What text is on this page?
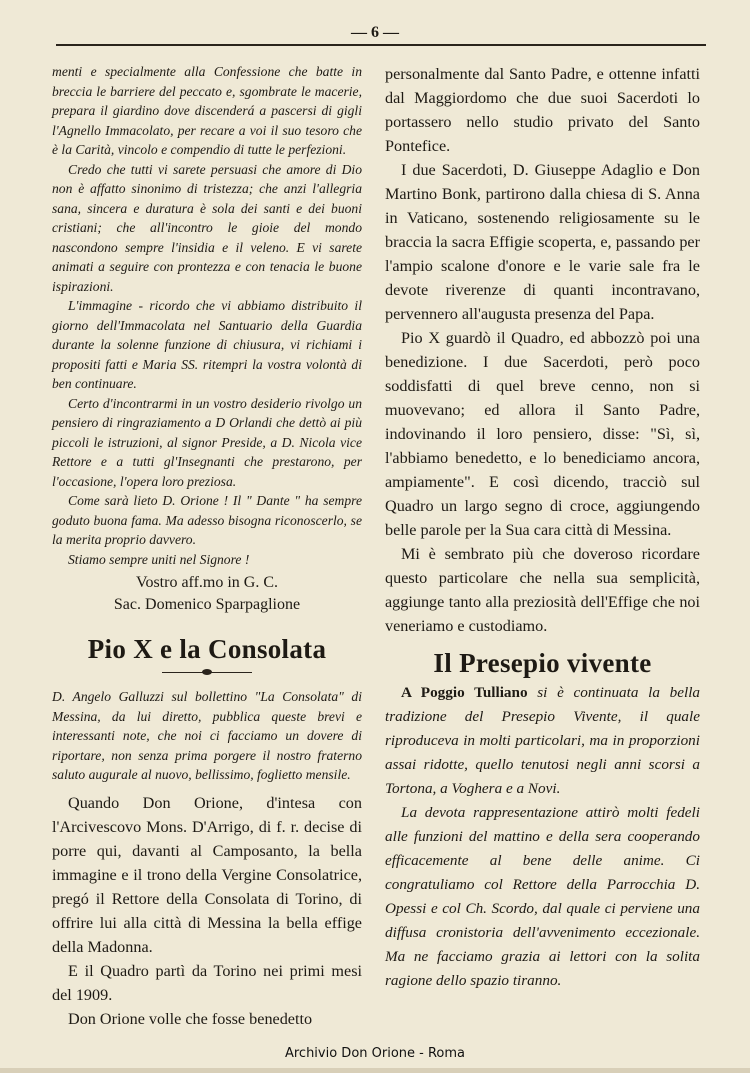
— 6 —

menti e specialmente alla Confessione che batte in breccia le barriere del peccato e, sgombrate le macerie, prepara il giardino dove discenderá a pascersi di gigli l'Agnello Immacolato, per recare a voi il suo tesoro che è la Carità, vincolo e compendio di tutte le perfezioni.

Credo che tutti vi sarete persuasi che amore di Dio non è affatto sinonimo di tristezza; che anzi l'allegria sana, sincera e duratura è sola dei santi e dei buoni cristiani; che all'incontro le gioie del mondo nascondono sempre l'insidia e il veleno. E vi sarete animati a seguire con prontezza e con tenacia le buone ispirazioni.

L'immagine - ricordo che vi abbiamo distribuito il giorno dell'Immacolata nel Santuario della Guardia durante la solenne funzione di chiusura, vi richiami i propositi fatti e Maria SS. ritempri la vostra volontà di ben continuare.

Certo d'incontrarmi in un vostro desiderio rivolgo un pensiero di ringraziamento a D Orlandi che dettò ai più piccoli le istruzioni, al signor Preside, a D. Nicola vice Rettore e a tutti gl'Insegnanti che prestarono, per l'occasione, l'opera loro preziosa.

Come sarà lieto D. Orione ! Il " Dante " ha sempre goduto buona fama. Ma adesso bisogna riconoscerlo, se la merita proprio davvero.

Stiamo sempre uniti nel Signore !

Vostro aff.mo in G. C.

Sac. Domenico Sparpaglione

Pio X e la Consolata

D. Angelo Galluzzi sul bollettino "La Consolata" di Messina, da lui diretto, pubblica queste brevi e interessanti note, che noi ci facciamo un dovere di riportare, non senza prima porgere il nostro fraterno saluto augurale al nuovo, bellissimo, foglietto mensile.

Quando Don Orione, d'intesa con l'Arcivescovo Mons. D'Arrigo, di f. r. decise di porre qui, davanti al Camposanto, la bella immagine e il trono della Vergine Consolatrice, pregó il Rettore della Consolata di Torino, di offrire lui alla città di Messina la bella effige della Madonna.

E il Quadro partì da Torino nei primi mesi del 1909.

Don Orione volle che fosse benedetto

personalmente dal Santo Padre, e ottenne infatti dal Maggiordomo che due suoi Sacerdoti lo portassero nello studio privato del Santo Pontefice.

I due Sacerdoti, D. Giuseppe Adaglio e Don Martino Bonk, partirono dalla chiesa di S. Anna in Vaticano, sostenendo religiosamente su le braccia la sacra Effigie scoperta, e, passando per l'ampio scalone d'onore e le varie sale fra le devote riverenze di quanti incontravano, pervennero all'augusta presenza del Papa.

Pio X guardò il Quadro, ed abbozzò poi una benedizione. I due Sacerdoti, però poco soddisfatti di quel breve cenno, non si muovevano; ed allora il Santo Padre, indovinando il loro pensiero, disse: "Sì, sì, l'abbiamo benedetto, e lo benediciamo ancora, ampiamente". E così dicendo, tracciò sul Quadro un largo segno di croce, aggiungendo belle parole per la Sua cara città di Messina.

Mi è sembrato più che doveroso ricordare questo particolare che nella sua semplicità, aggiunge tanto alla preziosità dell'Effige che noi veneriamo e custodiamo.

Il Presepio vivente

A Poggio Tulliano si è continuata la bella tradizione del Presepio Vivente, il quale riproduceva in molti particolari, ma in proporzioni assai ridotte, quello tenutosi negli anni scorsi a Tortona, a Voghera e a Novi.

La devota rappresentazione attirò molti fedeli alle funzioni del mattino e della sera cooperando efficacemente al bene delle anime. Ci congratuliamo col Rettore della Parrocchia D. Opessi e col Ch. Scordo, dal quale ci perviene una diffusa cronistoria dell'avvenimento eccezionale. Ma ne facciamo grazia ai lettori con la solita ragione dello spazio tiranno.

Archivio Don Orione - Roma
